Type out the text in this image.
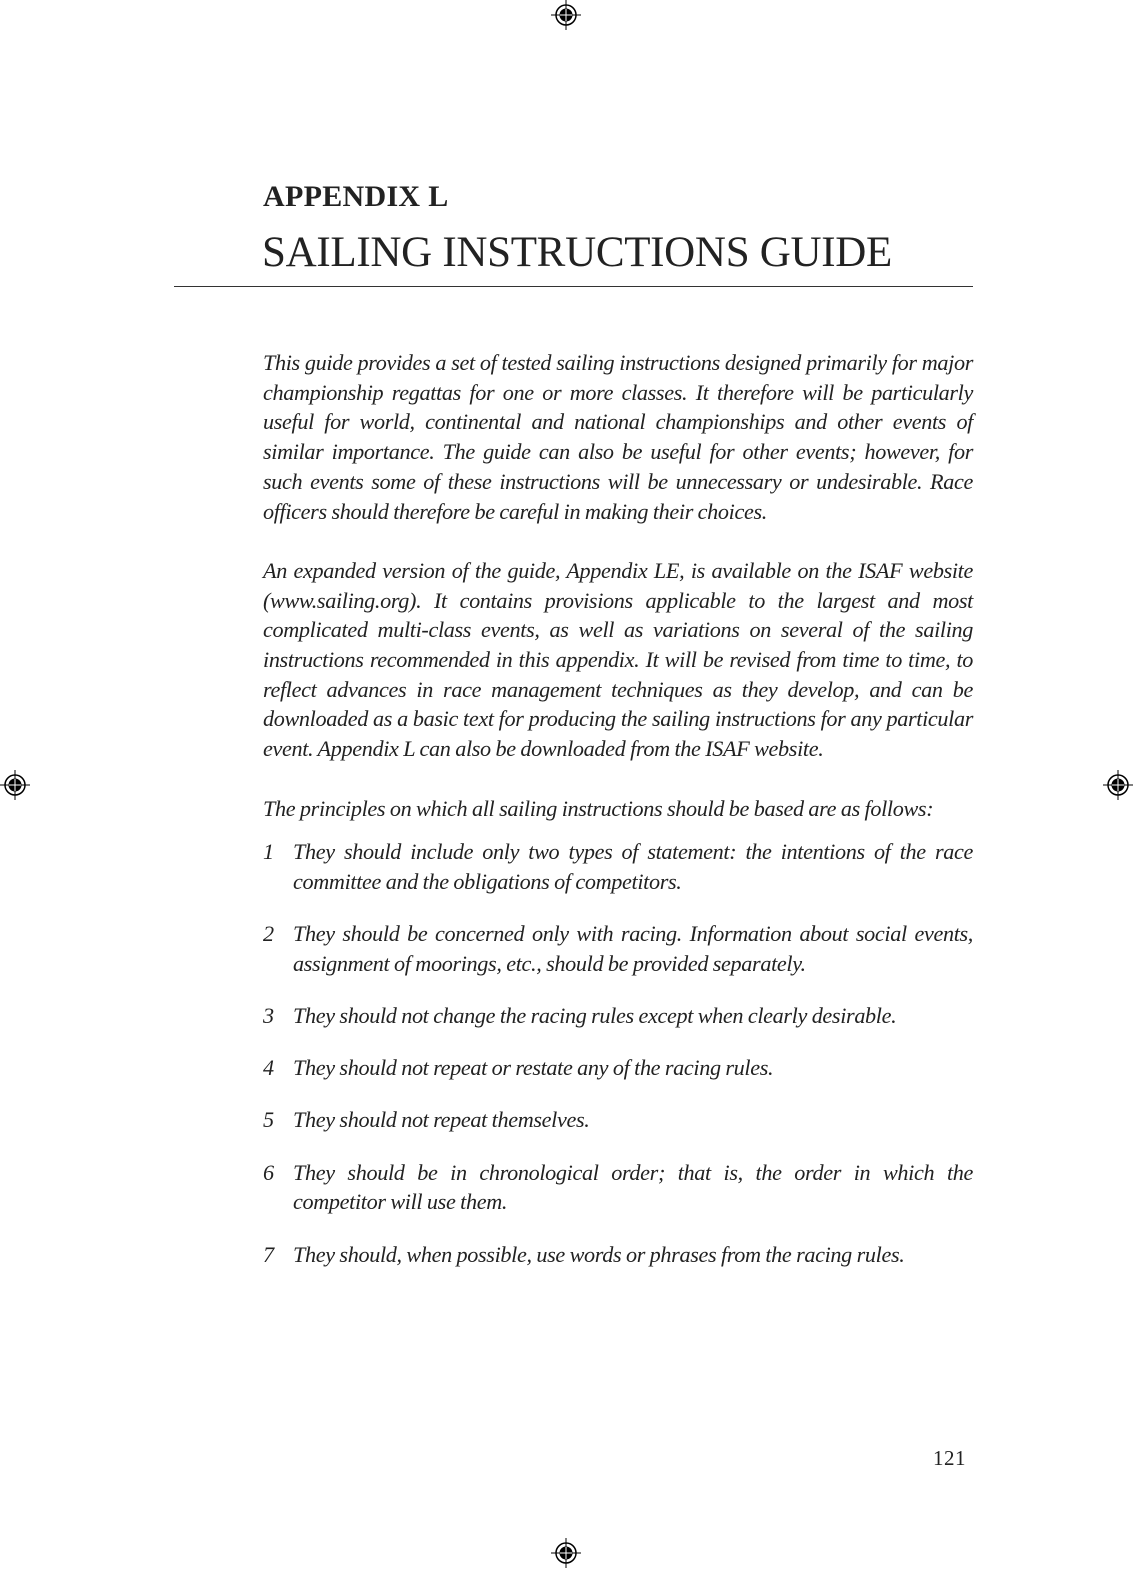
APPENDIX L
SAILING INSTRUCTIONS GUIDE

This guide provides a set of tested sailing instructions designed primarily for major championship regattas for one or more classes. It therefore will be particularly useful for world, continental and national championships and other events of similar importance. The guide can also be useful for other events; however, for such events some of these instructions will be unnecessary or undesirable. Race officers should therefore be careful in making their choices.

An expanded version of the guide, Appendix LE, is available on the ISAF website (www.sailing.org). It contains provisions applicable to the largest and most complicated multi-class events, as well as variations on several of the sailing instructions recommended in this appendix. It will be revised from time to time, to reflect advances in race management techniques as they develop, and can be downloaded as a basic text for producing the sailing instructions for any particular event. Appendix L can also be downloaded from the ISAF website.

The principles on which all sailing instructions should be based are as follows:

1 They should include only two types of statement: the intentions of the race committee and the obligations of competitors.
2 They should be concerned only with racing. Information about social events, assignment of moorings, etc., should be provided separately.
3 They should not change the racing rules except when clearly desirable.
4 They should not repeat or restate any of the racing rules.
5 They should not repeat themselves.
6 They should be in chronological order; that is, the order in which the competitor will use them.
7 They should, when possible, use words or phrases from the racing rules.
121
